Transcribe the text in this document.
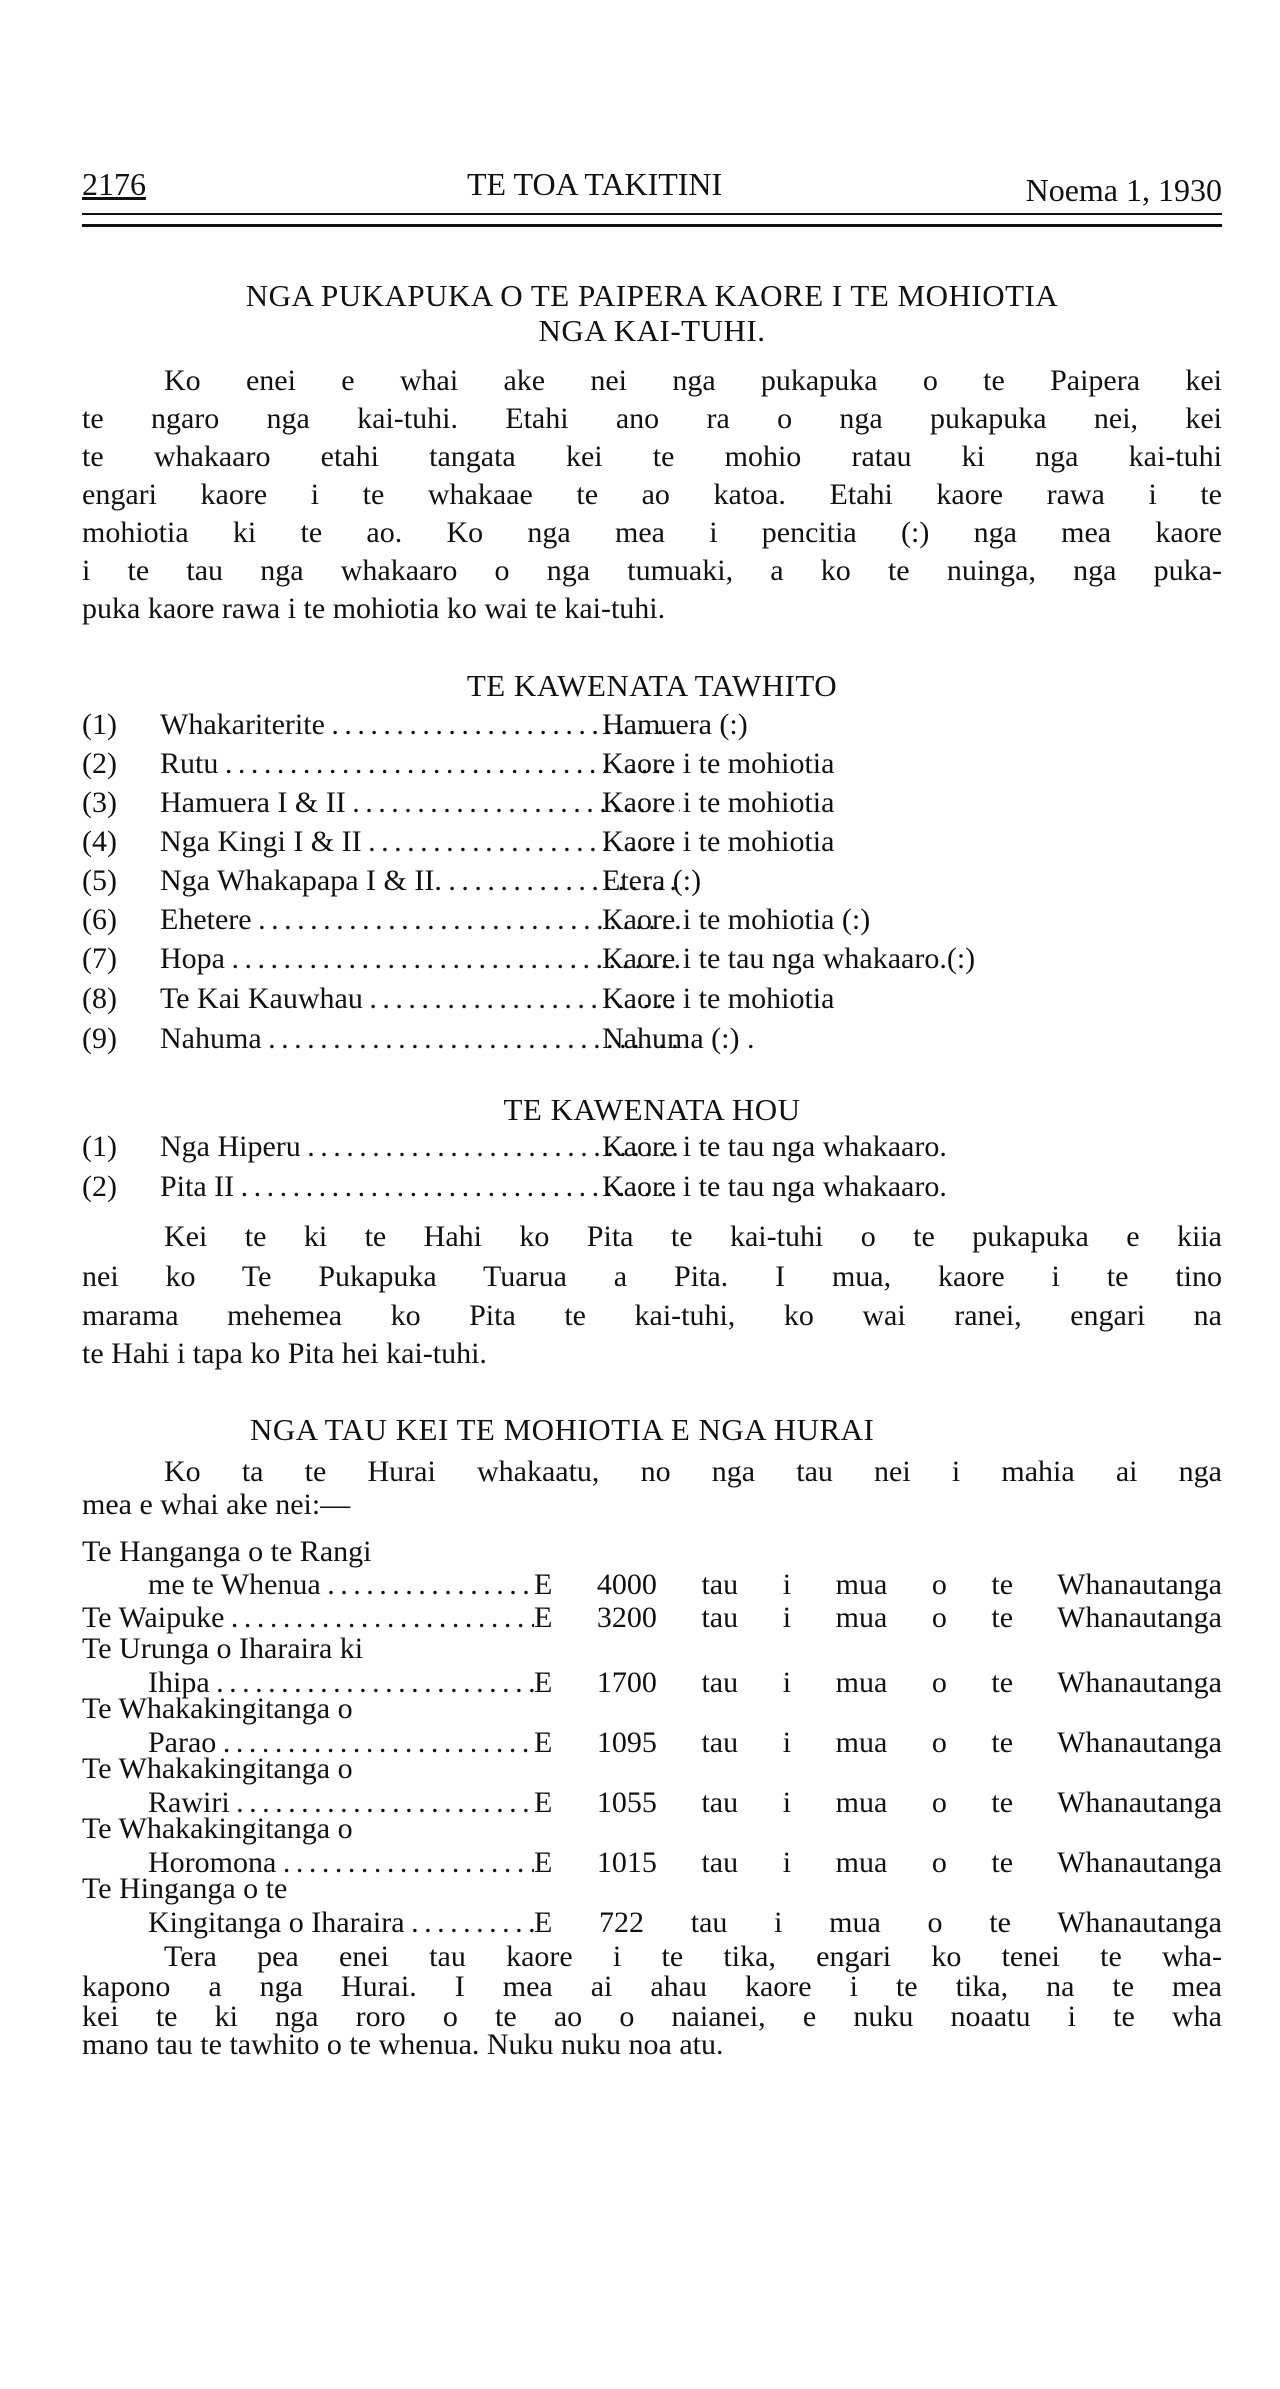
2176	TE TOA TAKITINI	Noema 1, 1930
NGA PUKAPUKA O TE PAIPERA KAORE I TE MOHIOTIA
NGA KAI-TUHI.
Ko enei e whai ake nei nga pukapuka o te Paipera kei
te ngaro nga kai-tuhi. Etahi ano ra o nga pukapuka nei, kei
te whakaaro etahi tangata kei te mohio ratau ki nga kai-tuhi
engari kaore i te whakaae te ao katoa. Etahi kaore rawa i te
mohiotia ki te ao. Ko nga mea i pencitia (:) nga mea kaore
i te tau nga whakaaro o nga tumuaki, a ko te nuinga, nga puka-
puka kaore rawa i te mohiotia ko wai te kai-tuhi.
TE KAWENATA TAWHITO
(1) Whakariterite . . .	Hamuera (:)
(2) Rutu . . .	Kaore i te mohiotia
(3) Hamuera I & II . . .	Kaore i te mohiotia
(4) Nga Kingi I & II . . .	Kaore i te mohiotia
(5) Nga Whakapapa I & II. . . .	Etera (:)
(6) Ehetere . . .	Kaore i te mohiotia (:)
(7) Hopa . . .	Kaore i te tau nga whakaaro.(:)
(8) Te Kai Kauwhau . . .	Kaore i te mohiotia
(9) Nahuma . . .	Nahuma (:) .
TE KAWENATA HOU
(1) Nga Hiperu . . .	Kaore i te tau nga whakaaro.
(2) Pita II . . .	Kaore i te tau nga whakaaro.
Kei te ki te Hahi ko Pita te kai-tuhi o te pukapuka e kiia
nei ko Te Pukapuka Tuarua a Pita. I mua, kaore i te tino
marama mehemea ko Pita te kai-tuhi, ko wai ranei, engari na
te Hahi i tapa ko Pita hei kai-tuhi.
NGA TAU KEI TE MOHIOTIA E NGA HURAI
Ko ta te Hurai whakaatu, no nga tau nei i mahia ai nga
mea e whai ake nei:—
Te Hanganga o te Rangi
me te Whenua . . .	E 4000 tau i mua o te Whanautanga
Te Waipuke . . .	E 3200 tau i mua o te Whanautanga
Te Urunga o Iharaira ki
Ihipa . . .	E 1700 tau i mua o te Whanautanga
Te Whakakingitanga o
Parao . . .	E 1095 tau i mua o te Whanautanga
Te Whakakingitanga o
Rawiri . . .	E 1055 tau i mua o te Whanautanga
Te Whakakingitanga o
Horomona . . .	E 1015 tau i mua o te Whanautanga
Te Hinganga o te
Kingitanga o Iharaira . . .	E 722 tau i mua o te Whanautanga
Tera pea enei tau kaore i te tika, engari ko tenei te wha-
kapono a nga Hurai. I mea ai ahau kaore i te tika, na te mea
kei te ki nga roro o te ao o naianei, e nuku noaatu i te wha
mano tau te tawhito o te whenua. Nuku nuku noa atu.
